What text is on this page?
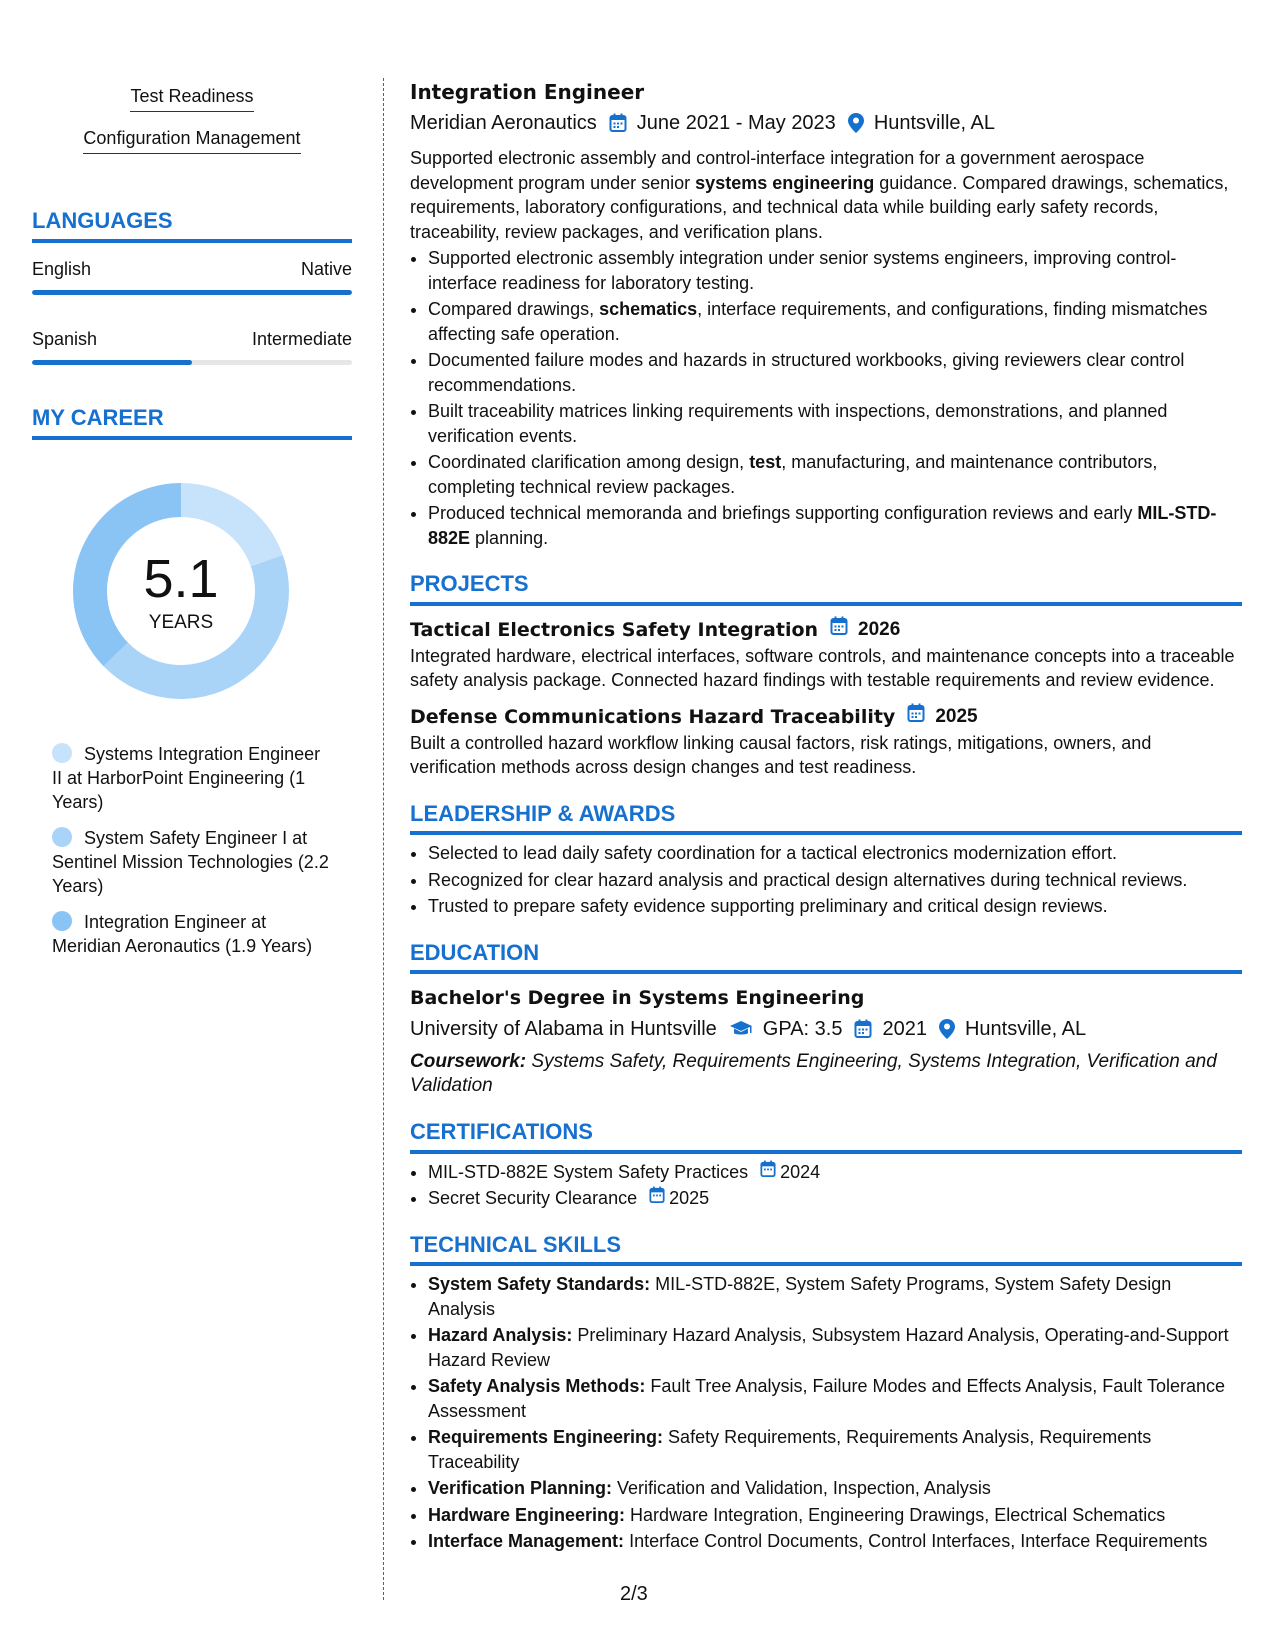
Test Readiness
Configuration Management
LANGUAGES
English	Native
Spanish	Intermediate
MY CAREER
5.1
YEARS
Systems Integration Engineer II at HarborPoint Engineering (1 Years)
System Safety Engineer I at Sentinel Mission Technologies (2.2 Years)
Integration Engineer at Meridian Aeronautics (1.9 Years)
Integration Engineer
Meridian Aeronautics June 2021 - May 2023 Huntsville, AL
Supported electronic assembly and control-interface integration for a government aerospace development program under senior systems engineering guidance. Compared drawings, schematics, requirements, laboratory configurations, and technical data while building early safety records, traceability, review packages, and verification plans.
• Supported electronic assembly integration under senior systems engineers, improving control-interface readiness for laboratory testing.
• Compared drawings, schematics, interface requirements, and configurations, finding mismatches affecting safe operation.
• Documented failure modes and hazards in structured workbooks, giving reviewers clear control recommendations.
• Built traceability matrices linking requirements with inspections, demonstrations, and planned verification events.
• Coordinated clarification among design, test, manufacturing, and maintenance contributors, completing technical review packages.
• Produced technical memoranda and briefings supporting configuration reviews and early MIL-STD-882E planning.
PROJECTS
Tactical Electronics Safety Integration 2026
Integrated hardware, electrical interfaces, software controls, and maintenance concepts into a traceable safety analysis package. Connected hazard findings with testable requirements and review evidence.
Defense Communications Hazard Traceability 2025
Built a controlled hazard workflow linking causal factors, risk ratings, mitigations, owners, and verification methods across design changes and test readiness.
LEADERSHIP & AWARDS
• Selected to lead daily safety coordination for a tactical electronics modernization effort.
• Recognized for clear hazard analysis and practical design alternatives during technical reviews.
• Trusted to prepare safety evidence supporting preliminary and critical design reviews.
EDUCATION
Bachelor's Degree in Systems Engineering
University of Alabama in Huntsville GPA: 3.5 2021 Huntsville, AL
Coursework: Systems Safety, Requirements Engineering, Systems Integration, Verification and Validation
CERTIFICATIONS
• MIL-STD-882E System Safety Practices 2024
• Secret Security Clearance 2025
TECHNICAL SKILLS
• System Safety Standards: MIL-STD-882E, System Safety Programs, System Safety Design Analysis
• Hazard Analysis: Preliminary Hazard Analysis, Subsystem Hazard Analysis, Operating-and-Support Hazard Review
• Safety Analysis Methods: Fault Tree Analysis, Failure Modes and Effects Analysis, Fault Tolerance Assessment
• Requirements Engineering: Safety Requirements, Requirements Analysis, Requirements Traceability
• Verification Planning: Verification and Validation, Inspection, Analysis
• Hardware Engineering: Hardware Integration, Engineering Drawings, Electrical Schematics
• Interface Management: Interface Control Documents, Control Interfaces, Interface Requirements
2/3
